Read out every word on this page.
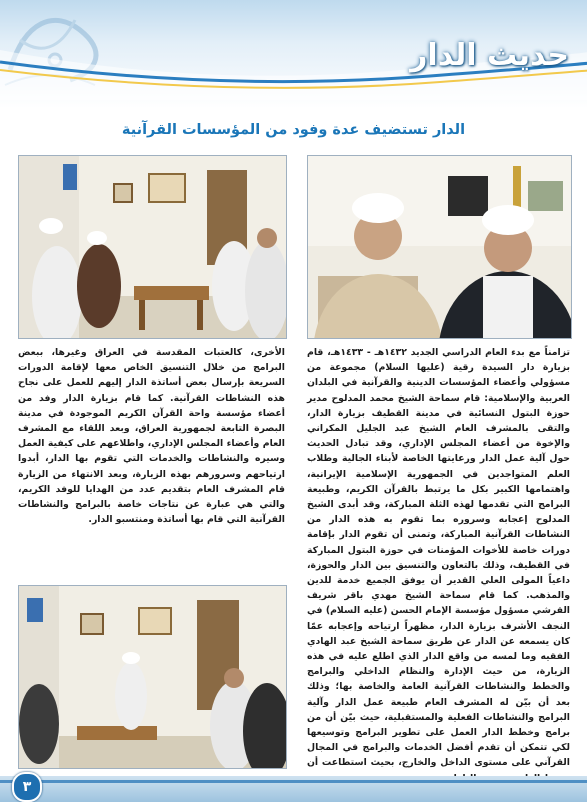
حديث الدار
الدار تستضيف عدة وفود من المؤسسات القرآنية

تزامناً مع بدء العام الدراسي الجديد ١٤٣٢هـ - ١٤٣٣هـ، قام بزيارة دار السيدة رقية (عليها السلام) مجموعة من مسؤولي وأعضاء المؤسسات الدينية والقرآنية في البلدان العربية والإسلامية: قام سماحة الشيخ محمد المدلوح مدير حوزة البتول النسائية في مدينة القطيف بزيارة الدار، والتقى بالمشرف العام الشيخ عبد الجليل المكراني والإخوة من أعضاء المجلس الإداري، وقد تبادل الحديث حول آلية عمل الدار ورعايتها الخاصة لأبناء الجالية وطلاب العلم المتواجدين في الجمهورية الإسلامية الإيرانية، واهتمامها الكبير بكل ما يرتبط بالقرآن الكريم، وطبيعة البرامج التي تقدمها لهذه الثلة المباركة، وقد أبدى الشيخ المدلوح إعجابه وسروره بما تقوم به هذه الدار من النشاطات القرآنية المباركة، وتمنى أن تقوم الدار بإقامة دورات خاصة للأخوات المؤمنات في حوزة البتول المباركة في القطيف، وذلك بالتعاون والتنسيق بين الدار والحوزة، داعياً المولى العلي القدير أن يوفق الجميع خدمة للدين والمذهب. كما قام سماحة الشيخ مهدي باقر شريف القرشي مسؤول مؤسسة الإمام الحسن (عليه السلام) في النجف الأشرف بزيارة الدار، مظهراً ارتياحه وإعجابه عمّا كان يسمعه عن الدار عن طريق سماحة الشيخ عبد الهادي الفقيه وما لمسه من واقع الدار الذي اطلع عليه في هذه الزيارة، من حيث الإدارة والنظام الداخلي والبرامج والخطط والنشاطات القرآنية العامة والخاصة بها؛ وذلك بعد أن بيّن له المشرف العام طبيعة عمل الدار وآلية البرامج والنشاطات الفعلية والمستقبلية، حيث بيّن أن من برامج وخطط الدار العمل على تطوير البرامج وتوسيعها لكي تتمكن أن تقدم أفضل الخدمات والبرامج في المجال القرآني على مستوى الداخل والخارج، بحيث استطاعت أن

الأخرى، كالعتبات المقدسة في العراق وغيرها، ببعض البرامج من خلال التنسيق الخاص معها لإقامة الدورات السريعة بإرسال بعض أساتذة الدار إليهم للعمل على نجاح هذه النشاطات القرآنية. كما قام بزيارة الدار وفد من أعضاء مؤسسة واحة القرآن الكريم الموجودة في مدينة البصرة التابعة لجمهورية العراق، وبعد اللقاء مع المشرف العام وأعضاء المجلس الإداري، واطلاعهم على كيفية العمل وسيره والنشاطات والخدمات التي تقوم بها الدار، أبدوا ارتياحهم وسرورهم بهذه الزيارة، وبعد الانتهاء من الزيارة قام المشرف العام بتقديم عدد من الهدايا للوفد الكريم، والتي هي عبارة عن نتاجات خاصة بالبرامج والنشاطات القرآنية التي قام بها أساتذة ومنتسبو الدار.

٣
